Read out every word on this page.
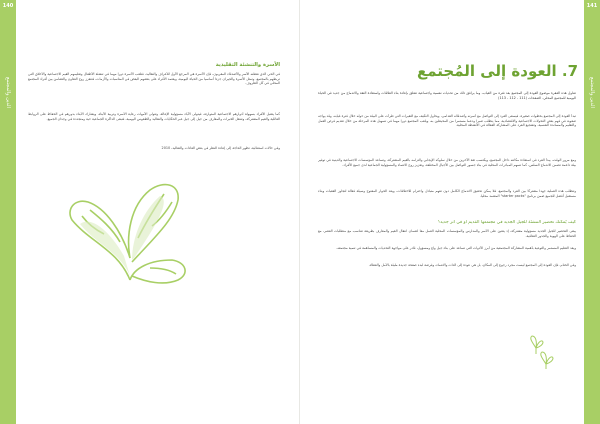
140
الدين والمجتمع
الأسرة والتنشئة التقليدية
في الحي الذي نقطنه الأسر والأصدقاء المقربون، فإن الأسرة هي المرجع الأول للأعراف والتقاليد، فتلعب الأسرة دورا مهما في تنشئة الأطفال وتعليمهم القيم الاجتماعية والأخلاق التي تربطهم بالمجتمع، وتمثل الأسرة والجيران جزءا أساسيا من الحياة اليومية، ويعتمد الأفراد على بعضهم البعض في المناسبات والأزمات، فتتعزز روح التعاون والتضامن بين أفراد المجتمع المحلي في كل الظروف.
كما يتقبل الأفراد بسهولة أدوارهم الاجتماعية المتوارثة، فيتولى الآباء مسؤولية الإعالة، وتتولى الأمهات رعاية الأسرة وتربية الأبناء، ويشارك الأبناء بدورهم في الحفاظ على الروابط العائلية والقيم المشتركة، وتنتقل الخبرات والمعارف من جيل إلى جيل عبر الحكايات والتقاليد والطقوس اليومية، فتبقى الذاكرة الجماعية حية ومتجددة في وجدان الجميع.
وفي حالات استثنائية، تظهر الحاجة إلى إعادة النظر في بعض العادات والتقاليد، 2010
141
الدين والمجتمع
7. العودة إلى المُجتمع
تتناول هذه الفقرة موضوع العودة إلى المجتمع بعد فترة من الغياب، وما يرافق ذلك من تحديات نفسية واجتماعية تتعلق بإعادة بناء العلاقات واستعادة الثقة والاندماج من جديد في الحياة اليومية للمجتمع المحلي. الصفحات (111 - 112 - 113)
تبدأ العودة إلى المجتمع بخطوات صغيرة، فيسعى الفرد إلى التواصل مع أسرته وأصدقائه القدامى، ويحاول التكيف مع التغيرات التي طرأت على البيئة من حوله خلال فترة غيابه، وقد يواجه صعوبة في فهم بعض التحولات الاجتماعية والاقتصادية، مما يتطلب صبرا ودعما مستمرا من المحيطين به، ويلعب المجتمع دورا مهما في تسهيل هذه المرحلة من خلال تقديم فرص العمل والتعليم والمساندة النفسية، وتشجيع الفرد على المشاركة الفعالة في الأنشطة المحلية.
ومع مرور الوقت، يبدأ الفرد في استعادة مكانته داخل المجتمع، ويكتسب ثقة الآخرين من خلال سلوكه الإيجابي والتزامه بالقيم المشتركة، وتساعد المؤسسات الاجتماعية والدينية في توفير بيئة داعمة تضمن الاندماج السلس، كما تسهم المبادرات المحلية في بناء جسور التواصل بين الأجيال المختلفة، وتعزيز روح الانتماء والمسؤولية الجماعية لدى جميع الأفراد.
وتتطلب هذه العملية جهدا مشتركا بين الفرد والمجتمع، فلا يمكن تحقيق الاندماج الكامل دون تفهم متبادل واحترام للاختلافات، ويعد الحوار المفتوح وسيلة فعالة لتجاوز العقبات وبناء مستقبل أفضل للجميع ضمن برنامج "starter packs" المعتمد محليا.
كيف يُمكنك تحضير التنشئة للجيل الجديد في مجتمعها القديم أو في أثر جديد؟
يبقى التحضير للجيل الجديد مسؤولية مشتركة، إذ يتعين على الأسر والمدارس والمؤسسات المحلية العمل معا لضمان انتقال القيم والمعارف بطريقة تتناسب مع متطلبات العصر، مع الحفاظ على الهوية والجذور الثقافية.
ويعد التعليم المستمر والتوعية بأهمية المشاركة المجتمعية من أبرز الأدوات التي تساعد على بناء جيل واع ومسؤول، قادر على مواجهة التحديات والمساهمة في تنمية مجتمعه.
وفي الختام، فإن العودة إلى المجتمع ليست مجرد رجوع إلى المكان، بل هي عودة إلى الذات والانتماء، وفرصة لبدء صفحة جديدة مليئة بالأمل والعطاء.
